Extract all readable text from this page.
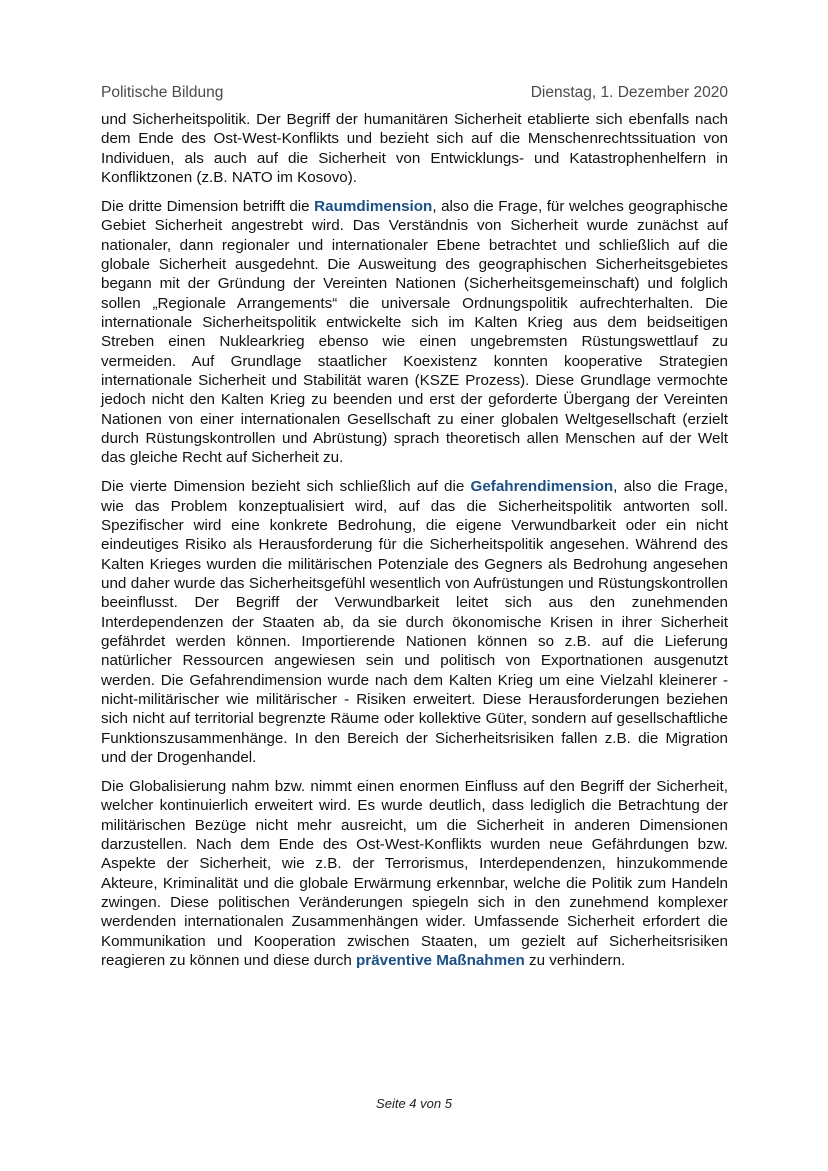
Politische Bildung	Dienstag, 1. Dezember 2020

und Sicherheitspolitik. Der Begriff der humanitären Sicherheit etablierte sich ebenfalls nach dem Ende des Ost-West-Konflikts und bezieht sich auf die Menschenrechtssituation von Individuen, als auch auf die Sicherheit von Entwicklungs- und Katastrophenhelfern in Konfliktzonen (z.B. NATO im Kosovo).

Die dritte Dimension betrifft die Raumdimension, also die Frage, für welches geographische Gebiet Sicherheit angestrebt wird. Das Verständnis von Sicherheit wurde zunächst auf nationaler, dann regionaler und internationaler Ebene betrachtet und schließlich auf die globale Sicherheit ausgedehnt. Die Ausweitung des geographischen Sicherheitsgebietes begann mit der Gründung der Vereinten Nationen (Sicherheitsgemeinschaft) und folglich sollen „Regionale Arrangements“ die universale Ordnungspolitik aufrechterhalten. Die internationale Sicherheitspolitik entwickelte sich im Kalten Krieg aus dem beidseitigen Streben einen Nuklearkrieg ebenso wie einen ungebremsten Rüstungswettlauf zu vermeiden. Auf Grundlage staatlicher Koexistenz konnten kooperative Strategien internationale Sicherheit und Stabilität waren (KSZE Prozess). Diese Grundlage vermochte jedoch nicht den Kalten Krieg zu beenden und erst der geforderte Übergang der Vereinten Nationen von einer internationalen Gesellschaft zu einer globalen Weltgesellschaft (erzielt durch Rüstungskontrollen und Abrüstung) sprach theoretisch allen Menschen auf der Welt das gleiche Recht auf Sicherheit zu.

Die vierte Dimension bezieht sich schließlich auf die Gefahrendimension, also die Frage, wie das Problem konzeptualisiert wird, auf das die Sicherheitspolitik antworten soll. Spezifischer wird eine konkrete Bedrohung, die eigene Verwundbarkeit oder ein nicht eindeutiges Risiko als Herausforderung für die Sicherheitspolitik angesehen. Während des Kalten Krieges wurden die militärischen Potenziale des Gegners als Bedrohung angesehen und daher wurde das Sicherheitsgefühl wesentlich von Aufrüstungen und Rüstungskontrollen beeinflusst. Der Begriff der Verwundbarkeit leitet sich aus den zunehmenden Interdependenzen der Staaten ab, da sie durch ökonomische Krisen in ihrer Sicherheit gefährdet werden können. Importierende Nationen können so z.B. auf die Lieferung natürlicher Ressourcen angewiesen sein und politisch von Exportnationen ausgenutzt werden. Die Gefahrendimension wurde nach dem Kalten Krieg um eine Vielzahl kleinerer - nicht-militärischer wie militärischer - Risiken erweitert. Diese Herausforderungen beziehen sich nicht auf territorial begrenzte Räume oder kollektive Güter, sondern auf gesellschaftliche Funktionszusammenhänge. In den Bereich der Sicherheitsrisiken fallen z.B. die Migration und der Drogenhandel.

Die Globalisierung nahm bzw. nimmt einen enormen Einfluss auf den Begriff der Sicherheit, welcher kontinuierlich erweitert wird. Es wurde deutlich, dass lediglich die Betrachtung der militärischen Bezüge nicht mehr ausreicht, um die Sicherheit in anderen Dimensionen darzustellen. Nach dem Ende des Ost-West-Konflikts wurden neue Gefährdungen bzw. Aspekte der Sicherheit, wie z.B. der Terrorismus, Interdependenzen, hinzukommende Akteure, Kriminalität und die globale Erwärmung erkennbar, welche die Politik zum Handeln zwingen. Diese politischen Veränderungen spiegeln sich in den zunehmend komplexer werdenden internationalen Zusammenhängen wider. Umfassende Sicherheit erfordert die Kommunikation und Kooperation zwischen Staaten, um gezielt auf Sicherheitsrisiken reagieren zu können und diese durch präventive Maßnahmen zu verhindern.

Seite 4 von 5
